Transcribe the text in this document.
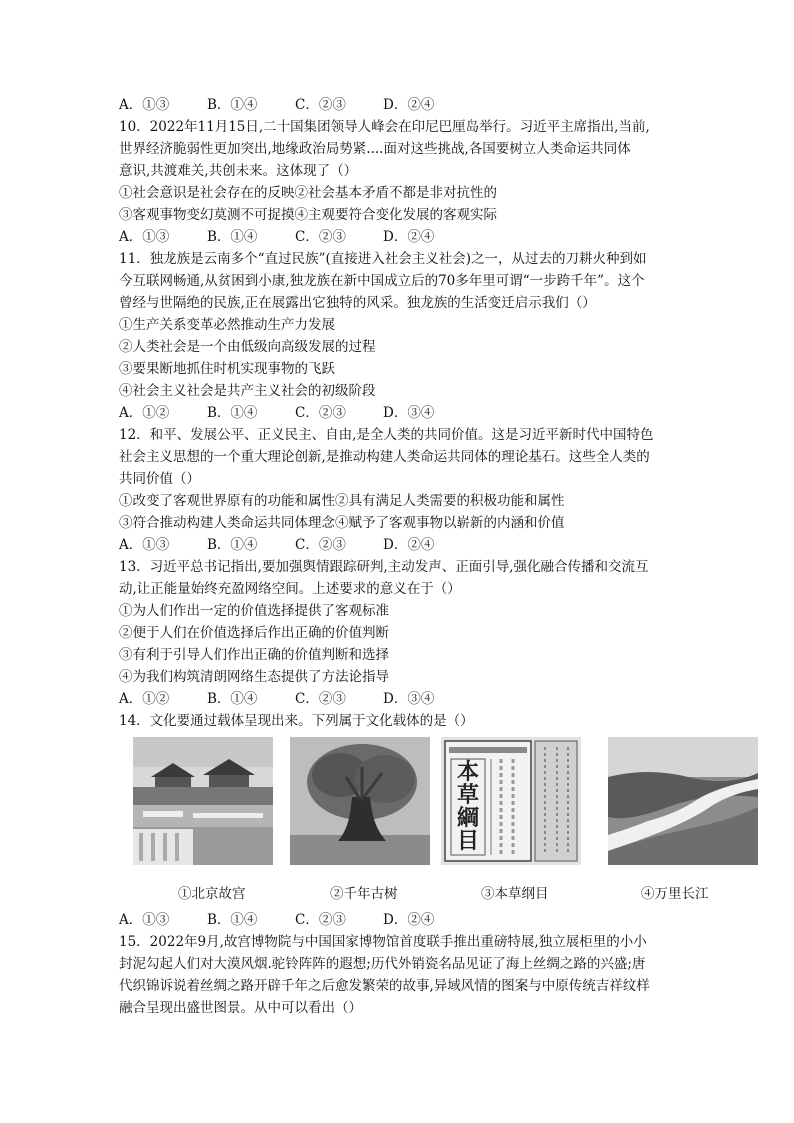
A．①③	B．①④	C．②③	D．②④
10．2022年11月15日,二十国集团领导人峰会在印尼巴厘岛举行。习近平主席指出,当前,
世界经济脆弱性更加突出,地缘政治局势紧....面对这些挑战,各国要树立人类命运共同体
意识,共渡难关,共创未来。这体现了（）
①社会意识是社会存在的反映②社会基本矛盾不都是非对抗性的
③客观事物变幻莫测不可捉摸④主观要符合变化发展的客观实际
A．①③	B．①④	C．②③	D．②④
11．独龙族是云南多个“直过民族”(直接进入社会主义社会)之一，从过去的刀耕火种到如
今互联网畅通,从贫困到小康,独龙族在新中国成立后的70多年里可谓“一步跨千年”。这个
曾经与世隔绝的民族,正在展露出它独特的风采。独龙族的生活变迁启示我们（）
①生产关系变革必然推动生产力发展
②人类社会是一个由低级向高级发展的过程
③要果断地抓住时机实现事物的飞跃
④社会主义社会是共产主义社会的初级阶段
A．①②	B．①④	C．②③	D．③④
12．和平、发展公平、正义民主、自由,是全人类的共同价值。这是习近平新时代中国特色
社会主义思想的一个重大理论创新,是推动构建人类命运共同体的理论基石。这些全人类的
共同价值（）
①改变了客观世界原有的功能和属性②具有满足人类需要的积极功能和属性
③符合推动构建人类命运共同体理念④赋予了客观事物以崭新的内涵和价值
A．①③	B．①④	C．②③	D．②④
13．习近平总书记指出,要加强舆情跟踪研判,主动发声、正面引导,强化融合传播和交流互
动,让正能量始终充盈网络空间。上述要求的意义在于（）
①为人们作出一定的价值选择提供了客观标准
②便于人们在价值选择后作出正确的价值判断
③有利于引导人们作出正确的价值判断和选择
④为我们构筑清朗网络生态提供了方法论指导
A．①②	B．①④	C．②③	D．③④
14．文化要通过载体呈现出来。下列属于文化载体的是（）
本草綱目
①北京故宫	②千年古树	③本草纲目	④万里长江
A．①③	B．①④	C．②③	D．②④
15．2022年9月,故宫博物院与中国国家博物馆首度联手推出重磅特展,独立展柜里的小小
封泥勾起人们对大漠风烟.驼铃阵阵的遐想;历代外销瓷名品见证了海上丝绸之路的兴盛;唐
代织锦诉说着丝绸之路开辟千年之后愈发繁荣的故事,异域风情的图案与中原传统吉祥纹样
融合呈现出盛世图景。从中可以看出（）
